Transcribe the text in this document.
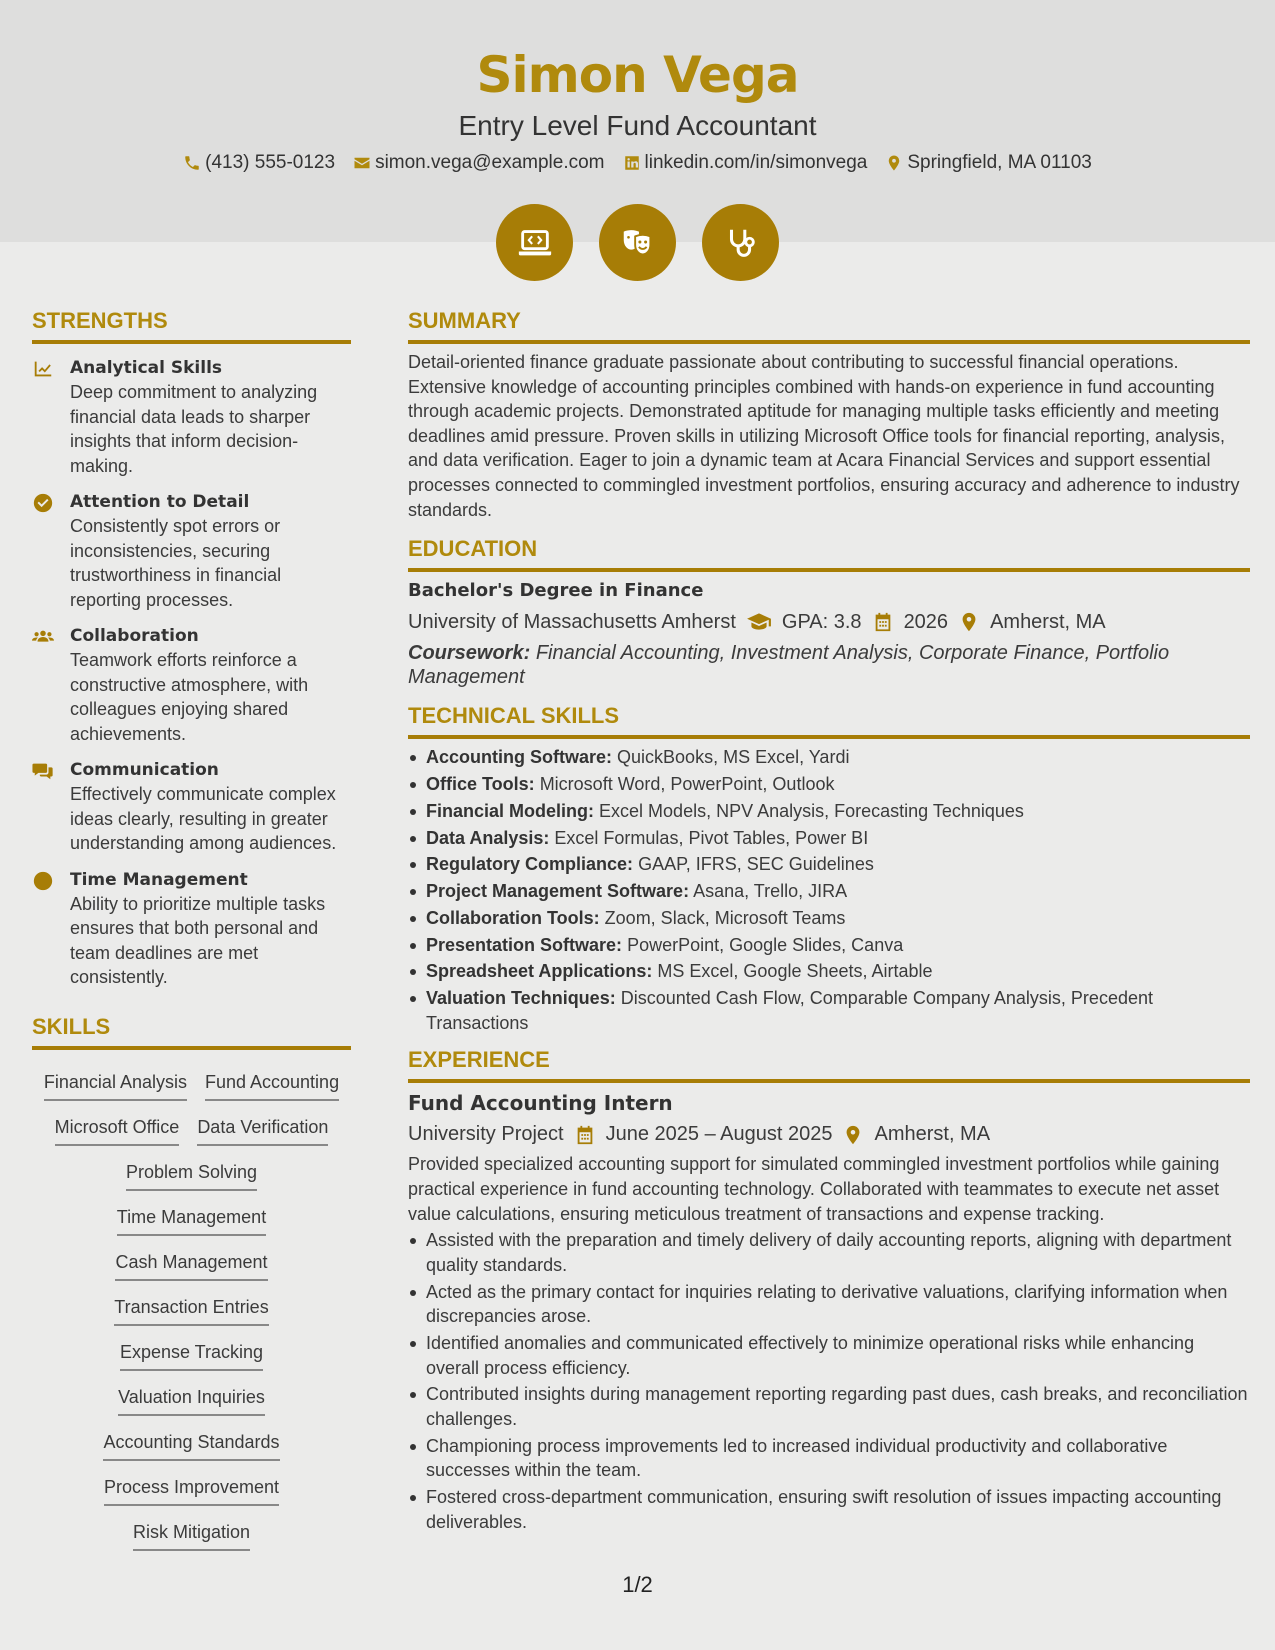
Simon Vega
Entry Level Fund Accountant
(413) 555-0123 simon.vega@example.com linkedin.com/in/simonvega Springfield, MA 01103
STRENGTHS
Analytical Skills
Deep commitment to analyzing financial data leads to sharper insights that inform decision-making.
Attention to Detail
Consistently spot errors or inconsistencies, securing trustworthiness in financial reporting processes.
Collaboration
Teamwork efforts reinforce a constructive atmosphere, with colleagues enjoying shared achievements.
Communication
Effectively communicate complex ideas clearly, resulting in greater understanding among audiences.
Time Management
Ability to prioritize multiple tasks ensures that both personal and team deadlines are met consistently.
SKILLS
Financial Analysis Fund Accounting
Microsoft Office Data Verification
Problem Solving
Time Management
Cash Management
Transaction Entries
Expense Tracking
Valuation Inquiries
Accounting Standards
Process Improvement
Risk Mitigation
SUMMARY
Detail-oriented finance graduate passionate about contributing to successful financial operations. Extensive knowledge of accounting principles combined with hands-on experience in fund accounting through academic projects. Demonstrated aptitude for managing multiple tasks efficiently and meeting deadlines amid pressure. Proven skills in utilizing Microsoft Office tools for financial reporting, analysis, and data verification. Eager to join a dynamic team at Acara Financial Services and support essential processes connected to commingled investment portfolios, ensuring accuracy and adherence to industry standards.
EDUCATION
Bachelor's Degree in Finance
University of Massachusetts Amherst GPA: 3.8 2026 Amherst, MA
Coursework: Financial Accounting, Investment Analysis, Corporate Finance, Portfolio Management
TECHNICAL SKILLS
Accounting Software: QuickBooks, MS Excel, Yardi
Office Tools: Microsoft Word, PowerPoint, Outlook
Financial Modeling: Excel Models, NPV Analysis, Forecasting Techniques
Data Analysis: Excel Formulas, Pivot Tables, Power BI
Regulatory Compliance: GAAP, IFRS, SEC Guidelines
Project Management Software: Asana, Trello, JIRA
Collaboration Tools: Zoom, Slack, Microsoft Teams
Presentation Software: PowerPoint, Google Slides, Canva
Spreadsheet Applications: MS Excel, Google Sheets, Airtable
Valuation Techniques: Discounted Cash Flow, Comparable Company Analysis, Precedent Transactions
EXPERIENCE
Fund Accounting Intern
University Project June 2025 – August 2025 Amherst, MA
Provided specialized accounting support for simulated commingled investment portfolios while gaining practical experience in fund accounting technology. Collaborated with teammates to execute net asset value calculations, ensuring meticulous treatment of transactions and expense tracking.
Assisted with the preparation and timely delivery of daily accounting reports, aligning with department quality standards.
Acted as the primary contact for inquiries relating to derivative valuations, clarifying information when discrepancies arose.
Identified anomalies and communicated effectively to minimize operational risks while enhancing overall process efficiency.
Contributed insights during management reporting regarding past dues, cash breaks, and reconciliation challenges.
Championing process improvements led to increased individual productivity and collaborative successes within the team.
Fostered cross-department communication, ensuring swift resolution of issues impacting accounting deliverables.
1/2
